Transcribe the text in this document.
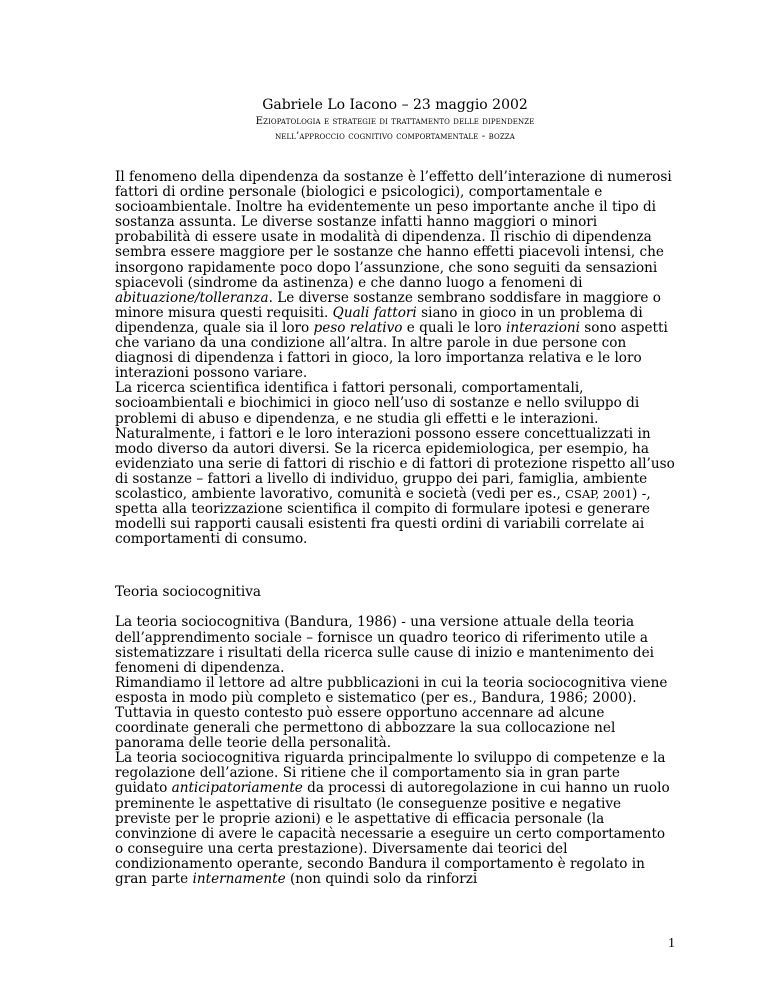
Gabriele Lo Iacono – 23 maggio 2002
Eziopatologia e strategie di trattamento delle dipendenze
nell’approccio cognitivo comportamentale - bozza

Il fenomeno della dipendenza da sostanze è l’effetto dell’interazione di numerosi fattori di ordine personale (biologici e psicologici), comportamentale e socioambientale. Inoltre ha evidentemente un peso importante anche il tipo di sostanza assunta. Le diverse sostanze infatti hanno maggiori o minori probabilità di essere usate in modalità di dipendenza. Il rischio di dipendenza sembra essere maggiore per le sostanze che hanno effetti piacevoli intensi, che insorgono rapidamente poco dopo l’assunzione, che sono seguiti da sensazioni spiacevoli (sindrome da astinenza) e che danno luogo a fenomeni di abituazione/tolleranza. Le diverse sostanze sembrano soddisfare in maggiore o minore misura questi requisiti. Quali fattori siano in gioco in un problema di dipendenza, quale sia il loro peso relativo e quali le loro interazioni sono aspetti che variano da una condizione all’altra. In altre parole in due persone con diagnosi di dipendenza i fattori in gioco, la loro importanza relativa e le loro interazioni possono variare.

La ricerca scientifica identifica i fattori personali, comportamentali, socioambientali e biochimici in gioco nell’uso di sostanze e nello sviluppo di problemi di abuso e dipendenza, e ne studia gli effetti e le interazioni. Naturalmente, i fattori e le loro interazioni possono essere concettualizzati in modo diverso da autori diversi. Se la ricerca epidemiologica, per esempio, ha evidenziato una serie di fattori di rischio e di fattori di protezione rispetto all’uso di sostanze – fattori a livello di individuo, gruppo dei pari, famiglia, ambiente scolastico, ambiente lavorativo, comunità e società (vedi per es., CSAP, 2001) -, spetta alla teorizzazione scientifica il compito di formulare ipotesi e generare modelli sui rapporti causali esistenti fra questi ordini di variabili correlate ai comportamenti di consumo.

Teoria sociocognitiva

La teoria sociocognitiva (Bandura, 1986) - una versione attuale della teoria dell’apprendimento sociale – fornisce un quadro teorico di riferimento utile a sistematizzare i risultati della ricerca sulle cause di inizio e mantenimento dei fenomeni di dipendenza.

Rimandiamo il lettore ad altre pubblicazioni in cui la teoria sociocognitiva viene esposta in modo più completo e sistematico (per es., Bandura, 1986; 2000). Tuttavia in questo contesto può essere opportuno accennare ad alcune coordinate generali che permettono di abbozzare la sua collocazione nel panorama delle teorie della personalità.

La teoria sociocognitiva riguarda principalmente lo sviluppo di competenze e la regolazione dell’azione. Si ritiene che il comportamento sia in gran parte guidato anticipatoriamente da processi di autoregolazione in cui hanno un ruolo preminente le aspettative di risultato (le conseguenze positive e negative previste per le proprie azioni) e le aspettative di efficacia personale (la convinzione di avere le capacità necessarie a eseguire un certo comportamento o conseguire una certa prestazione). Diversamente dai teorici del condizionamento operante, secondo Bandura il comportamento è regolato in gran parte internamente (non quindi solo da rinforzi

1
